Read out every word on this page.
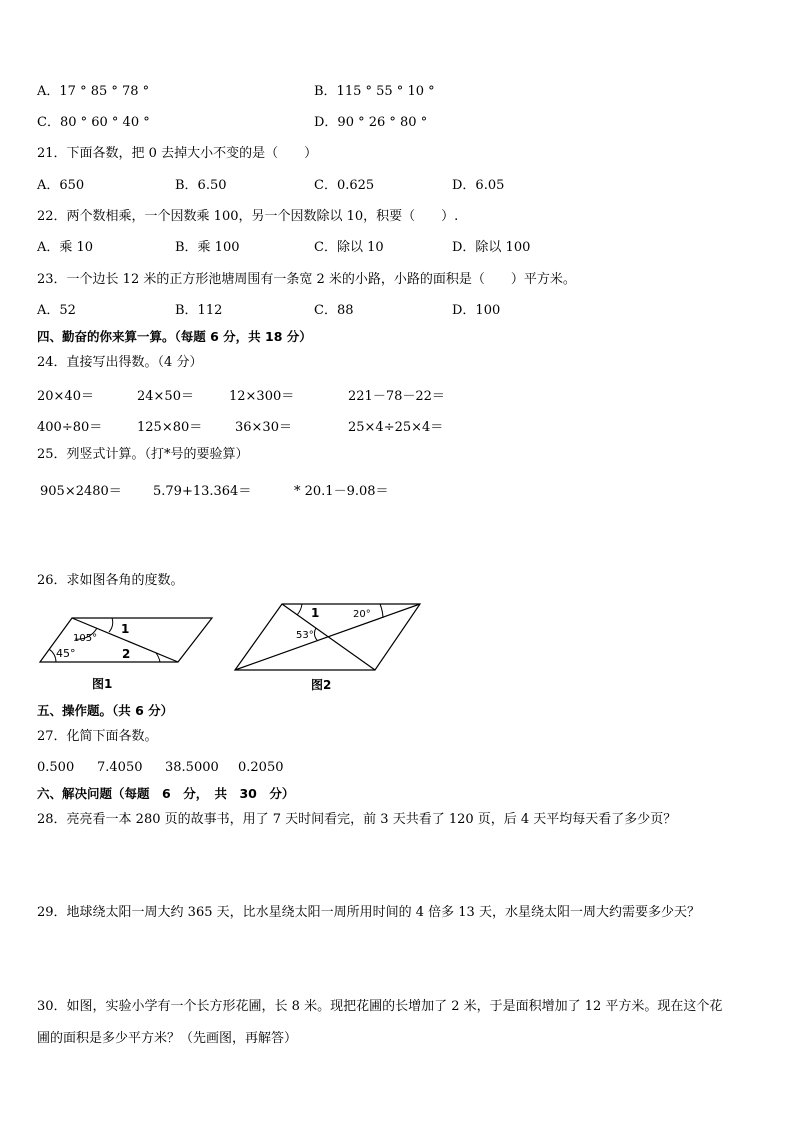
A．17 ° 85 ° 78 °	B．115 ° 55 ° 10 °
C．80 ° 60 ° 40 °	D．90 ° 26 ° 80 °
21．下面各数，把 0 去掉大小不变的是（　　）
A．650	B．6.50	C．0.625	D．6.05
22．两个数相乘，一个因数乘 100，另一个因数除以 10，积要（　　）.
A．乘 10	B．乘 100	C．除以 10	D．除以 100
23．一个边长 12 米的正方形池塘周围有一条宽 2 米的小路，小路的面积是（　　）平方米。
A．52	B．112	C．88	D．100
四、勤奋的你来算一算。（每题 6 分，共 18 分）
24．直接写出得数。（4 分）
20×40＝	24×50＝	12×300＝	221－78－22＝
400÷80＝	125×80＝	36×30＝	25×4÷25×4＝
25．列竖式计算。（打*号的要验算）
905×2480＝ 5.79+13.364＝	* 20.1－9.08＝
26．求如图各角的度数。
105°
45°
1
2
图1
1	20°
53°
图2
五、操作题。（共 6 分）
27．化简下面各数。
0.500 7.4050 38.5000 0.2050
六、解决问题（每题　6　分，　共　30　分）
28．亮亮看一本 280 页的故事书，用了 7 天时间看完，前 3 天共看了 120 页，后 4 天平均每天看了多少页？
29．地球绕太阳一周大约 365 天，比水星绕太阳一周所用时间的 4 倍多 13 天，水星绕太阳一周大约需要多少天？
30．如图，实验小学有一个长方形花圃，长 8 米。现把花圃的长增加了 2 米，于是面积增加了 12 平方米。现在这个花
圃的面积是多少平方米？（先画图，再解答）
